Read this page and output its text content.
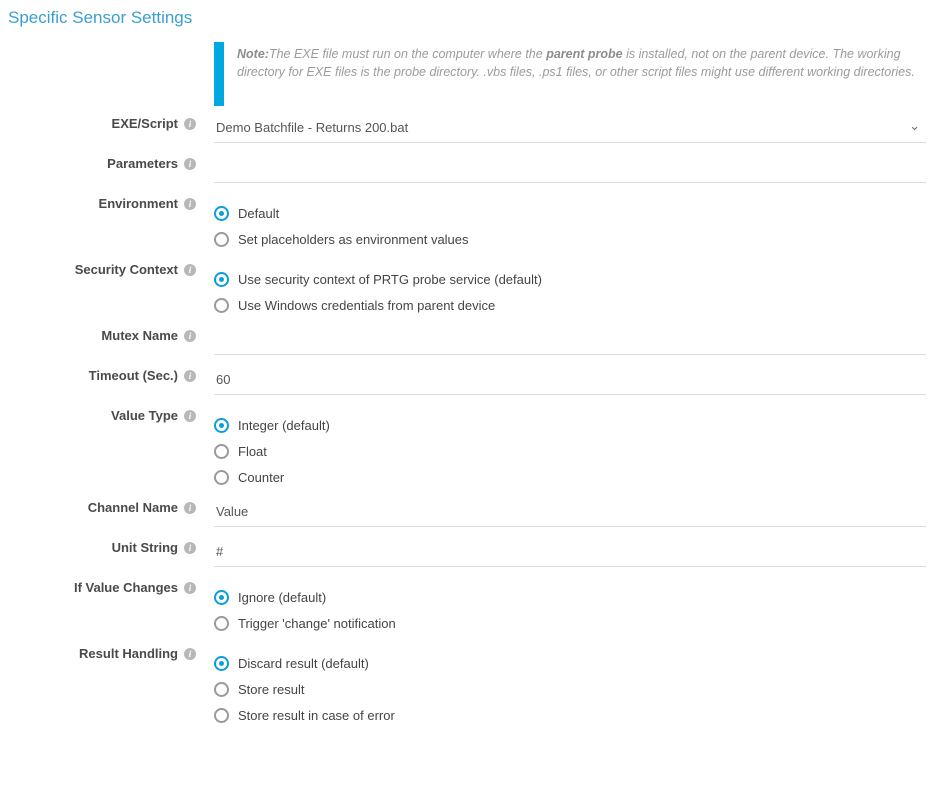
Specific Sensor Settings
Note:The EXE file must run on the computer where the parent probe is installed, not on the parent device. The working directory for EXE files is the probe directory. .vbs files, .ps1 files, or other script files might use different working directories.
EXE/Script i	Demo Batchfile - Returns 200.bat	⌄
Parameters i
Environment i
Default
Set placeholders as environment values
Security Context i
Use security context of PRTG probe service (default)
Use Windows credentials from parent device
Mutex Name i
Timeout (Sec.) i
60
Value Type i
Integer (default)
Float
Counter
Channel Name i
Value
Unit String i
#
If Value Changes i
Ignore (default)
Trigger 'change' notification
Result Handling i
Discard result (default)
Store result
Store result in case of error
